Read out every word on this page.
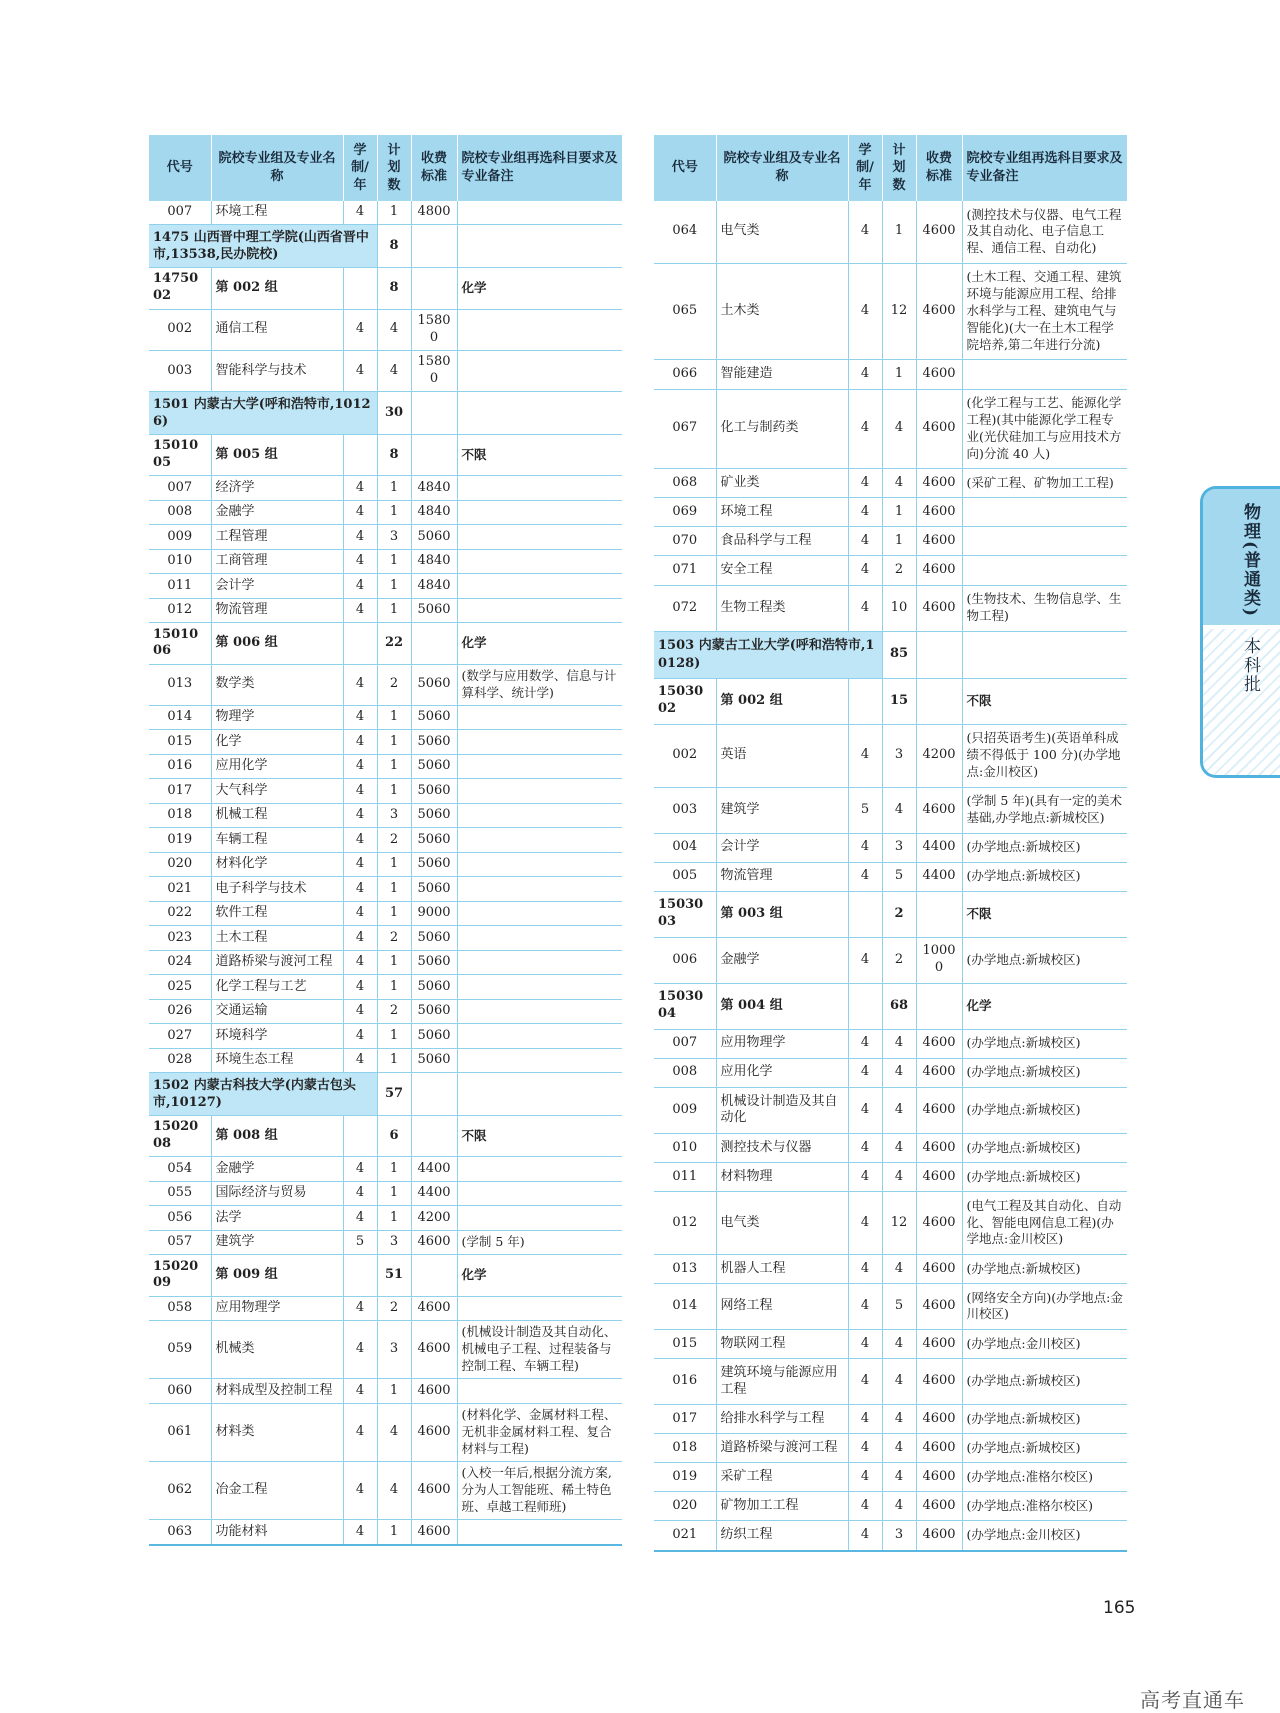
代号	院校专业组及专业名称	学制/年	计划数	收费标准	院校专业组再选科目要求及专业备注
007	环境工程	4	1	4800	
1475 山西晋中理工学院(山西省晋中市,13538,民办院校)			8		
1475002	第 002 组		8		化学
002	通信工程	4	4	15800	
003	智能科学与技术	4	4	15800	
1501 内蒙古大学(呼和浩特市,10126)			30		
1501005	第 005 组		8		不限
007	经济学	4	1	4840	
008	金融学	4	1	4840	
009	工程管理	4	3	5060	
010	工商管理	4	1	4840	
011	会计学	4	1	4840	
012	物流管理	4	1	5060	
1501006	第 006 组		22		化学
013	数学类	4	2	5060	(数学与应用数学、信息与计算科学、统计学)
014	物理学	4	1	5060	
015	化学	4	1	5060	
016	应用化学	4	1	5060	
017	大气科学	4	1	5060	
018	机械工程	4	3	5060	
019	车辆工程	4	2	5060	
020	材料化学	4	1	5060	
021	电子科学与技术	4	1	5060	
022	软件工程	4	1	9000	
023	土木工程	4	2	5060	
024	道路桥梁与渡河工程	4	1	5060	
025	化学工程与工艺	4	1	5060	
026	交通运输	4	2	5060	
027	环境科学	4	1	5060	
028	环境生态工程	4	1	5060	
1502 内蒙古科技大学(内蒙古包头市,10127)			57		
1502008	第 008 组		6		不限
054	金融学	4	1	4400	
055	国际经济与贸易	4	1	4400	
056	法学	4	1	4200	
057	建筑学	5	3	4600	(学制 5 年)
1502009	第 009 组		51		化学
058	应用物理学	4	2	4600	
059	机械类	4	3	4600	(机械设计制造及其自动化、机械电子工程、过程装备与控制工程、车辆工程)
060	材料成型及控制工程	4	1	4600	
061	材料类	4	4	4600	(材料化学、金属材料工程、无机非金属材料工程、复合材料与工程)
062	冶金工程	4	4	4600	(入校一年后,根据分流方案,分为人工智能班、稀土特色班、卓越工程师班)
063	功能材料	4	1	4600	
代号	院校专业组及专业名称	学制/年	计划数	收费标准	院校专业组再选科目要求及专业备注
064	电气类	4	1	4600	(测控技术与仪器、电气工程及其自动化、电子信息工程、通信工程、自动化)
065	土木类	4	12	4600	(土木工程、交通工程、建筑环境与能源应用工程、给排水科学与工程、建筑电气与智能化)(大一在土木工程学院培养,第二年进行分流)
066	智能建造	4	1	4600	
067	化工与制药类	4	4	4600	(化学工程与工艺、能源化学工程)(其中能源化学工程专业(光伏硅加工与应用技术方向)分流 40 人)
068	矿业类	4	4	4600	(采矿工程、矿物加工工程)
069	环境工程	4	1	4600	
070	食品科学与工程	4	1	4600	
071	安全工程	4	2	4600	
072	生物工程类	4	10	4600	(生物技术、生物信息学、生物工程)
1503 内蒙古工业大学(呼和浩特市,10128)			85		
1503002	第 002 组		15		不限
002	英语	4	3	4200	(只招英语考生)(英语单科成绩不得低于 100 分)(办学地点:金川校区)
003	建筑学	5	4	4600	(学制 5 年)(具有一定的美术基础,办学地点:新城校区)
004	会计学	4	3	4400	(办学地点:新城校区)
005	物流管理	4	5	4400	(办学地点:新城校区)
1503003	第 003 组		2		不限
006	金融学	4	2	10000	(办学地点:新城校区)
1503004	第 004 组		68		化学
007	应用物理学	4	4	4600	(办学地点:新城校区)
008	应用化学	4	4	4600	(办学地点:新城校区)
009	机械设计制造及其自动化	4	4	4600	(办学地点:新城校区)
010	测控技术与仪器	4	4	4600	(办学地点:新城校区)
011	材料物理	4	4	4600	(办学地点:新城校区)
012	电气类	4	12	4600	(电气工程及其自动化、自动化、智能电网信息工程)(办学地点:金川校区)
013	机器人工程	4	4	4600	(办学地点:新城校区)
014	网络工程	4	5	4600	(网络安全方向)(办学地点:金川校区)
015	物联网工程	4	4	4600	(办学地点:金川校区)
016	建筑环境与能源应用工程	4	4	4600	(办学地点:新城校区)
017	给排水科学与工程	4	4	4600	(办学地点:新城校区)
018	道路桥梁与渡河工程	4	4	4600	(办学地点:新城校区)
019	采矿工程	4	4	4600	(办学地点:准格尔校区)
020	矿物加工工程	4	4	4600	(办学地点:准格尔校区)
021	纺织工程	4	3	4600	(办学地点:金川校区)
物理(普通类)
本科批
165
高考直通车
